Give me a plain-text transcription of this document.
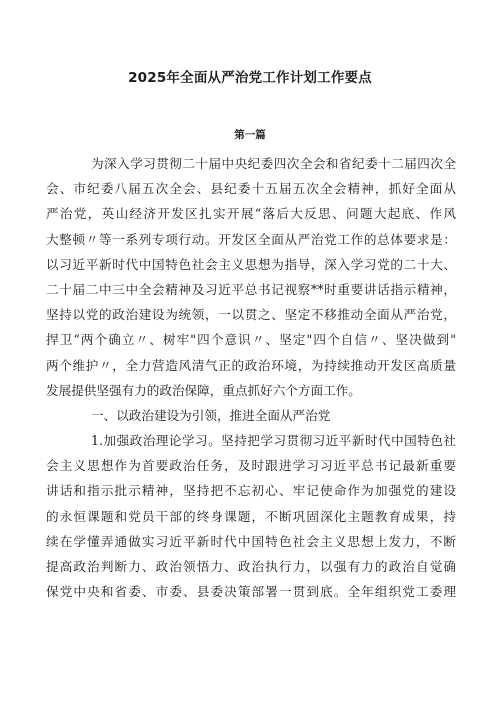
2025年全面从严治党工作计划工作要点
第一篇
为深入学习贯彻二十届中央纪委四次全会和省纪委十二届四次全
会、市纪委八届五次全会、县纪委十五届五次全会精神，抓好全面从
严治党，英山经济开发区扎实开展“落后大反思、问题大起底、作风
大整顿〃等一系列专项行动。开发区全面从严治党工作的总体要求是：
以习近平新时代中国特色社会主义思想为指导，深入学习党的二十大、
二十届二中三中全会精神及习近平总书记视察**时重要讲话指示精神，
坚持以党的政治建设为统领，一以贯之、坚定不移推动全面从严治党，
捍卫“两个确立〃、树牢"四个意识〃、坚定"四个自信〃、坚决做到"
两个维护〃，全力营造风清气正的政治环境，为持续推动开发区高质量
发展提供坚强有力的政治保障，重点抓好六个方面工作。
一、以政治建设为引领，推进全面从严治党
1.加强政治理论学习。坚持把学习贯彻习近平新时代中国特色社
会主义思想作为首要政治任务，及时跟进学习习近平总书记最新重要
讲话和指示批示精神，坚持把不忘初心、牢记使命作为加强党的建设
的永恒课题和党员干部的终身课题，不断巩固深化主题教育成果，持
续在学懂弄通做实习近平新时代中国特色社会主义思想上发力，不断
提高政治判断力、政治领悟力、政治执行力，以强有力的政治自觉确
保党中央和省委、市委、县委决策部署一贯到底。全年组织党工委理
